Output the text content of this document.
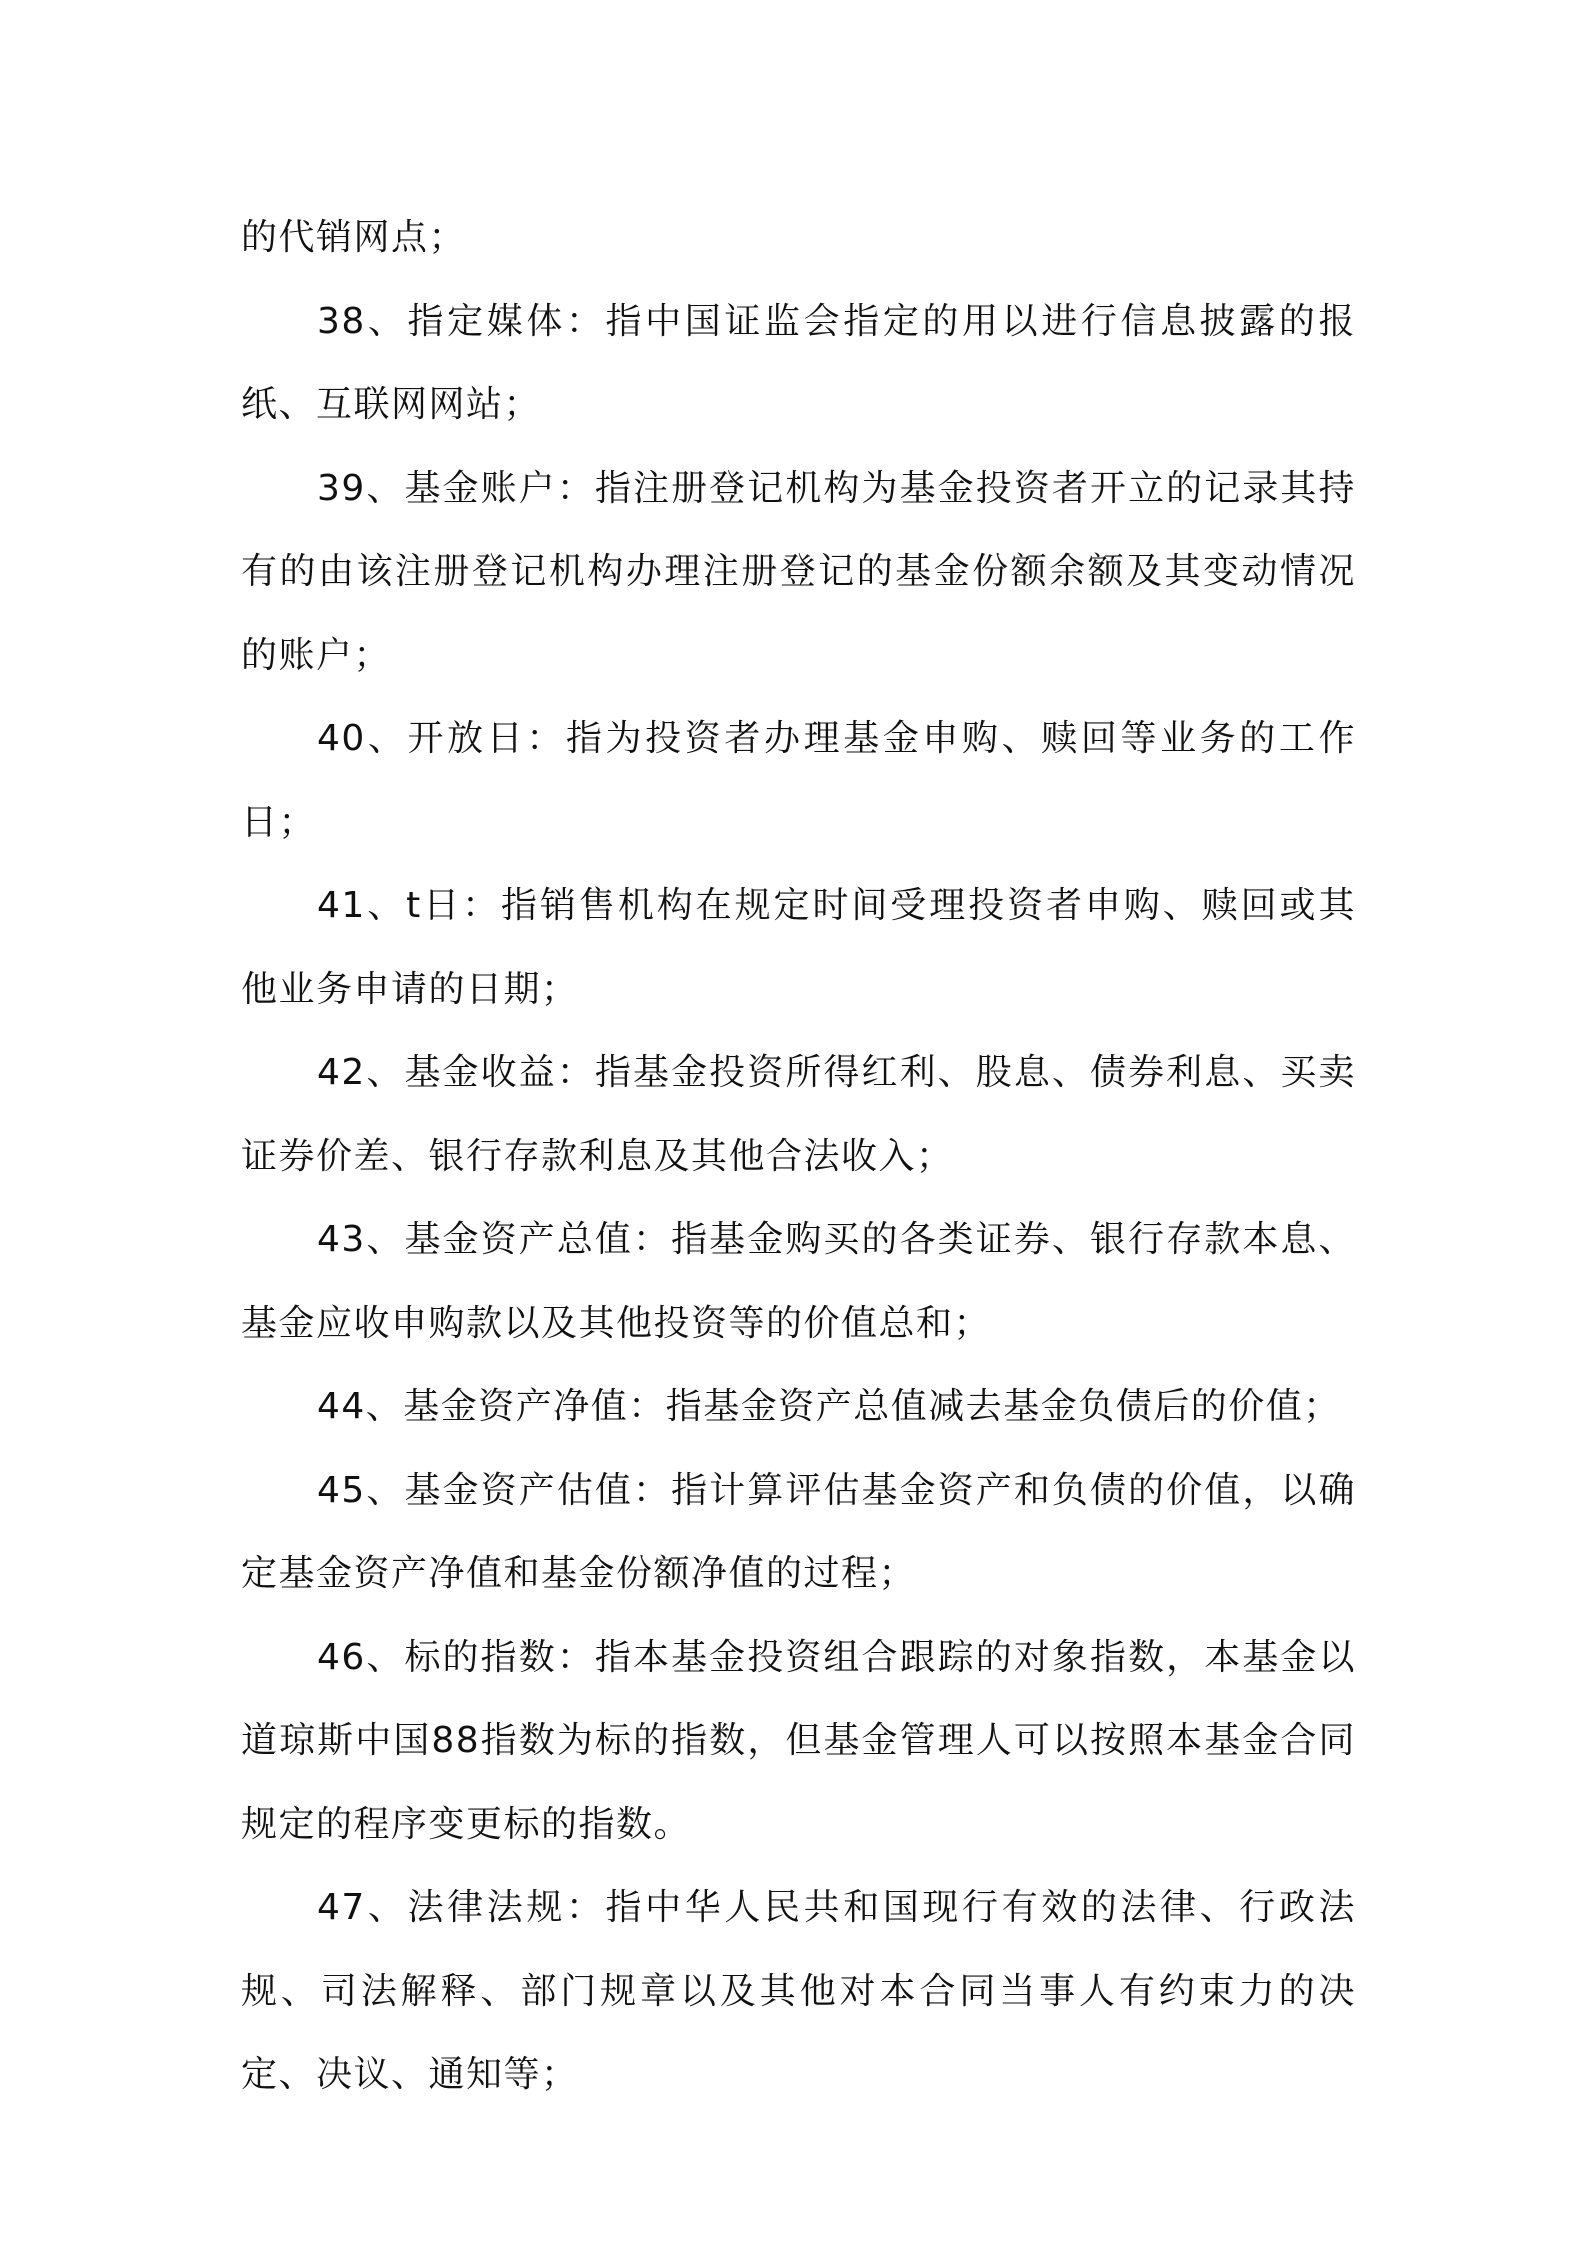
的代销网点；

38、指定媒体：指中国证监会指定的用以进行信息披露的报纸、互联网网站；

39、基金账户：指注册登记机构为基金投资者开立的记录其持有的由该注册登记机构办理注册登记的基金份额余额及其变动情况的账户；

40、开放日：指为投资者办理基金申购、赎回等业务的工作日；

41、t日：指销售机构在规定时间受理投资者申购、赎回或其他业务申请的日期；

42、基金收益：指基金投资所得红利、股息、债券利息、买卖证券价差、银行存款利息及其他合法收入；

43、基金资产总值：指基金购买的各类证券、银行存款本息、基金应收申购款以及其他投资等的价值总和；

44、基金资产净值：指基金资产总值减去基金负债后的价值；

45、基金资产估值：指计算评估基金资产和负债的价值，以确定基金资产净值和基金份额净值的过程；

46、标的指数：指本基金投资组合跟踪的对象指数，本基金以道琼斯中国88指数为标的指数，但基金管理人可以按照本基金合同规定的程序变更标的指数。

47、法律法规：指中华人民共和国现行有效的法律、行政法规、司法解释、部门规章以及其他对本合同当事人有约束力的决定、决议、通知等；
